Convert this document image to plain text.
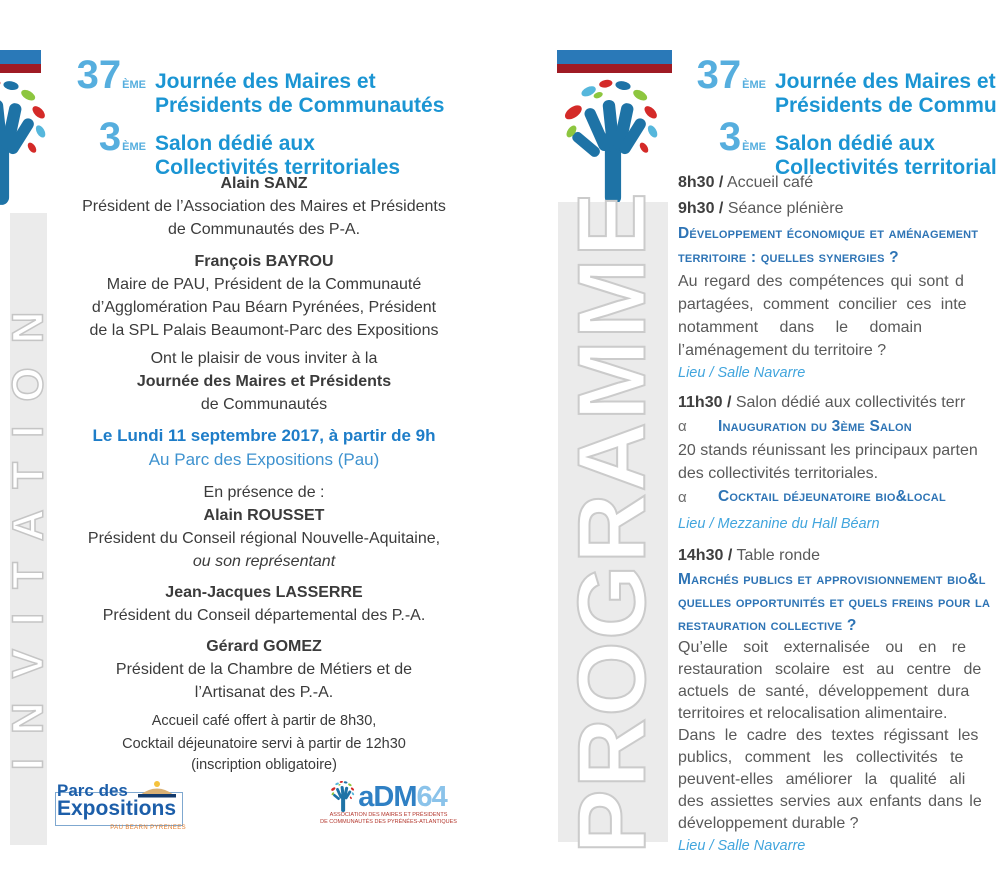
37 ÈME Journée des Maires et
Présidents de Communautés
3 ÈME Salon dédié aux
Collectivités territoriales
INVITATION
Alain SANZ
Président de l’Association des Maires et Présidents
de Communautés des P-A.
François BAYROU
Maire de PAU, Président de la Communauté
d’Agglomération Pau Béarn Pyrénées, Président
de la SPL Palais Beaumont-Parc des Expositions
Ont le plaisir de vous inviter à la
Journée des Maires et Présidents
de Communautés
Le Lundi 11 septembre 2017, à partir de 9h
Au Parc des Expositions (Pau)
En présence de :
Alain ROUSSET
Président du Conseil régional Nouvelle-Aquitaine,
ou son représentant
Jean-Jacques LASSERRE
Président du Conseil départemental des P.-A.
Gérard GOMEZ
Président de la Chambre de Métiers et de
l’Artisanat des P.-A.
Accueil café offert à partir de 8h30,
Cocktail déjeunatoire servi à partir de 12h30
(inscription obligatoire)
Parc des
Expositions
PAU BEARN PYRENEES
aDM 64
ASSOCIATION DES MAIRES ET PRÉSIDENTS
DE COMMUNAUTÉS DES PYRÉNÉES-ATLANTIQUES
37 ÈME Journée des Maires et
Présidents de Commu
3 ÈME Salon dédié aux
Collectivités territorial
PROGRAMME
8h30 / Accueil café
9h30 / Séance plénière
Développement économique et aménagement
territoire : quelles synergies ?
Au regard des compétences qui sont d
partagées, comment concilier ces inte
notamment dans le domain
l’aménagement du territoire ?
Lieu / Salle Navarre
11h30 / Salon dédié aux collectivités terr
α	Inauguration du 3ème Salon
20 stands réunissant les principaux parten
des collectivités territoriales.
α	Cocktail déjeunatoire bio&local
Lieu / Mezzanine du Hall Béarn
14h30 / Table ronde
Marchés publics et approvisionnement bio&l
quelles opportunités et quels freins pour la
restauration collective ?
Qu’elle soit externalisée ou en re
restauration scolaire est au centre de
actuels de santé, développement dura
territoires et relocalisation alimentaire.
Dans le cadre des textes régissant les
publics, comment les collectivités te
peuvent-elles améliorer la qualité ali
des assiettes servies aux enfants dans le
développement durable ?
Lieu / Salle Navarre
